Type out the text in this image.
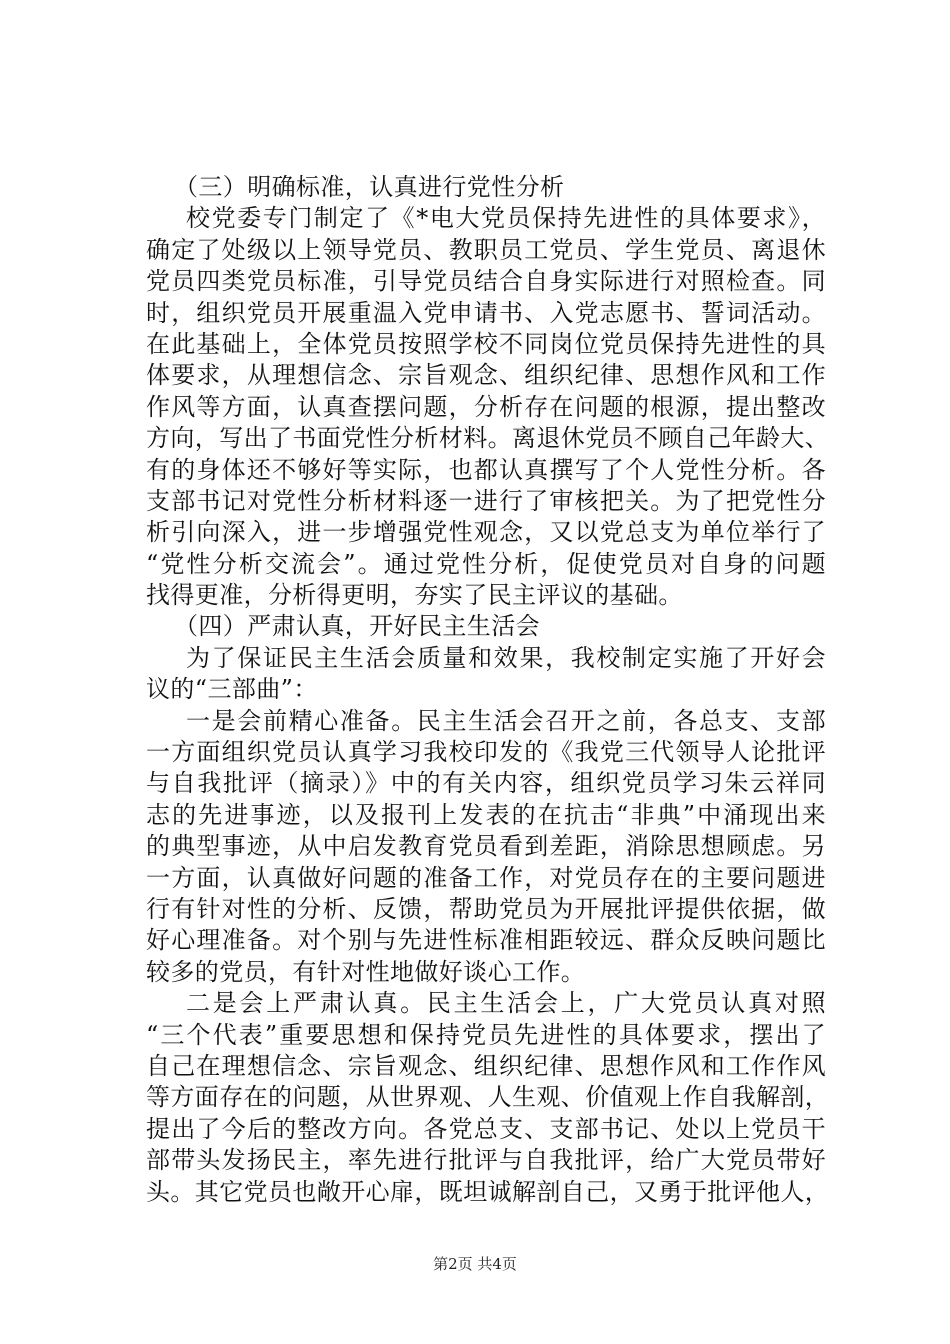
（三）明确标准，认真进行党性分析
校党委专门制定了《*电大党员保持先进性的具体要求》，
确定了处级以上领导党员、教职员工党员、学生党员、离退休
党员四类党员标准，引导党员结合自身实际进行对照检查。同
时，组织党员开展重温入党申请书、入党志愿书、誓词活动。
在此基础上，全体党员按照学校不同岗位党员保持先进性的具
体要求，从理想信念、宗旨观念、组织纪律、思想作风和工作
作风等方面，认真查摆问题，分析存在问题的根源，提出整改
方向，写出了书面党性分析材料。离退休党员不顾自己年龄大、
有的身体还不够好等实际，也都认真撰写了个人党性分析。各
支部书记对党性分析材料逐一进行了审核把关。为了把党性分
析引向深入，进一步增强党性观念，又以党总支为单位举行了
“党性分析交流会”。通过党性分析，促使党员对自身的问题
找得更准，分析得更明，夯实了民主评议的基础。
（四）严肃认真，开好民主生活会
为了保证民主生活会质量和效果，我校制定实施了开好会
议的“三部曲”：
一是会前精心准备。民主生活会召开之前，各总支、支部
一方面组织党员认真学习我校印发的《我党三代领导人论批评
与自我批评（摘录）》中的有关内容，组织党员学习朱云祥同
志的先进事迹，以及报刊上发表的在抗击“非典”中涌现出来
的典型事迹，从中启发教育党员看到差距，消除思想顾虑。另
一方面，认真做好问题的准备工作，对党员存在的主要问题进
行有针对性的分析、反馈，帮助党员为开展批评提供依据，做
好心理准备。对个别与先进性标准相距较远、群众反映问题比
较多的党员，有针对性地做好谈心工作。
二是会上严肃认真。民主生活会上，广大党员认真对照
“三个代表”重要思想和保持党员先进性的具体要求，摆出了
自己在理想信念、宗旨观念、组织纪律、思想作风和工作作风
等方面存在的问题，从世界观、人生观、价值观上作自我解剖，
提出了今后的整改方向。各党总支、支部书记、处以上党员干
部带头发扬民主，率先进行批评与自我批评，给广大党员带好
头。其它党员也敞开心扉，既坦诚解剖自己，又勇于批评他人，
第2页 共4页
